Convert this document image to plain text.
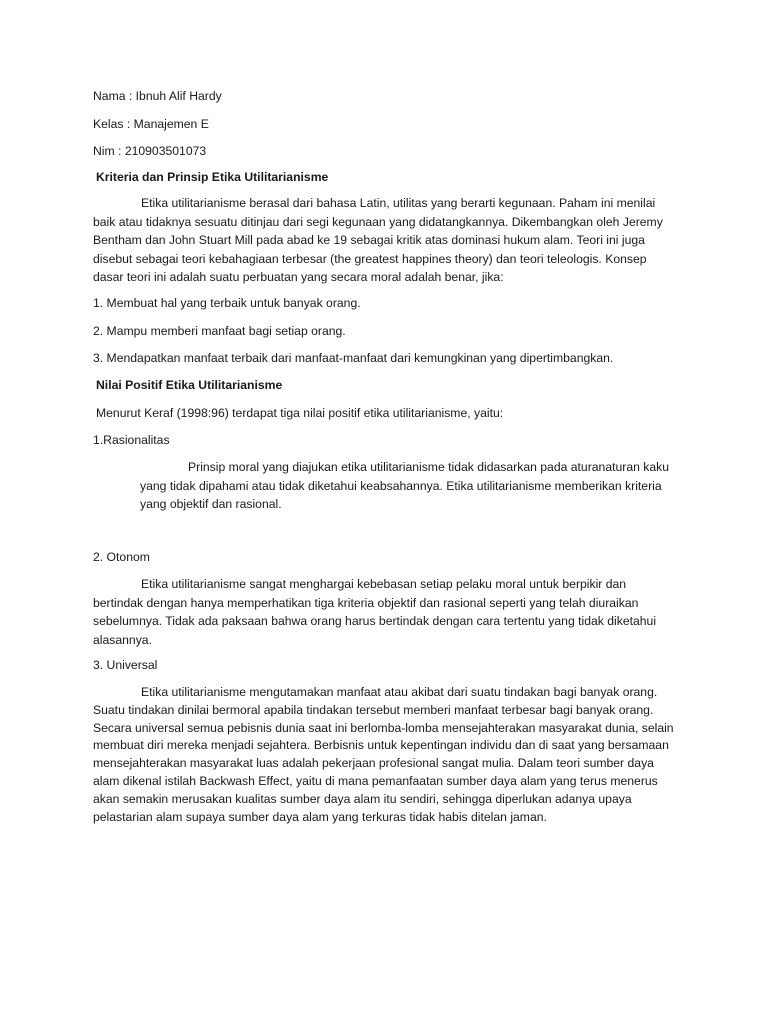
Nama : Ibnuh Alif Hardy

Kelas : Manajemen E

Nim : 210903501073

Kriteria dan Prinsip Etika Utilitarianisme

Etika utilitarianisme berasal dari bahasa Latin, utilitas yang berarti kegunaan. Paham ini menilai baik atau tidaknya sesuatu ditinjau dari segi kegunaan yang didatangkannya. Dikembangkan oleh Jeremy Bentham dan John Stuart Mill pada abad ke 19 sebagai kritik atas dominasi hukum alam. Teori ini juga disebut sebagai teori kebahagiaan terbesar (the greatest happines theory) dan teori teleologis. Konsep dasar teori ini adalah suatu perbuatan yang secara moral adalah benar, jika:

1. Membuat hal yang terbaik untuk banyak orang.

2. Mampu memberi manfaat bagi setiap orang.

3. Mendapatkan manfaat terbaik dari manfaat-manfaat dari kemungkinan yang dipertimbangkan.

Nilai Positif Etika Utilitarianisme

Menurut Keraf (1998:96) terdapat tiga nilai positif etika utilitarianisme, yaitu:

1.Rasionalitas

Prinsip moral yang diajukan etika utilitarianisme tidak didasarkan pada aturanaturan kaku yang tidak dipahami atau tidak diketahui keabsahannya. Etika utilitarianisme memberikan kriteria yang objektif dan rasional.

2. Otonom

Etika utilitarianisme sangat menghargai kebebasan setiap pelaku moral untuk berpikir dan bertindak dengan hanya memperhatikan tiga kriteria objektif dan rasional seperti yang telah diuraikan sebelumnya. Tidak ada paksaan bahwa orang harus bertindak dengan cara tertentu yang tidak diketahui alasannya.

3. Universal

Etika utilitarianisme mengutamakan manfaat atau akibat dari suatu tindakan bagi banyak orang. Suatu tindakan dinilai bermoral apabila tindakan tersebut memberi manfaat terbesar bagi banyak orang. Secara universal semua pebisnis dunia saat ini berlomba-lomba mensejahterakan masyarakat dunia, selain membuat diri mereka menjadi sejahtera. Berbisnis untuk kepentingan individu dan di saat yang bersamaan mensejahterakan masyarakat luas adalah pekerjaan profesional sangat mulia. Dalam teori sumber daya alam dikenal istilah Backwash Effect, yaitu di mana pemanfaatan sumber daya alam yang terus menerus akan semakin merusakan kualitas sumber daya alam itu sendiri, sehingga diperlukan adanya upaya pelastarian alam supaya sumber daya alam yang terkuras tidak habis ditelan jaman.
